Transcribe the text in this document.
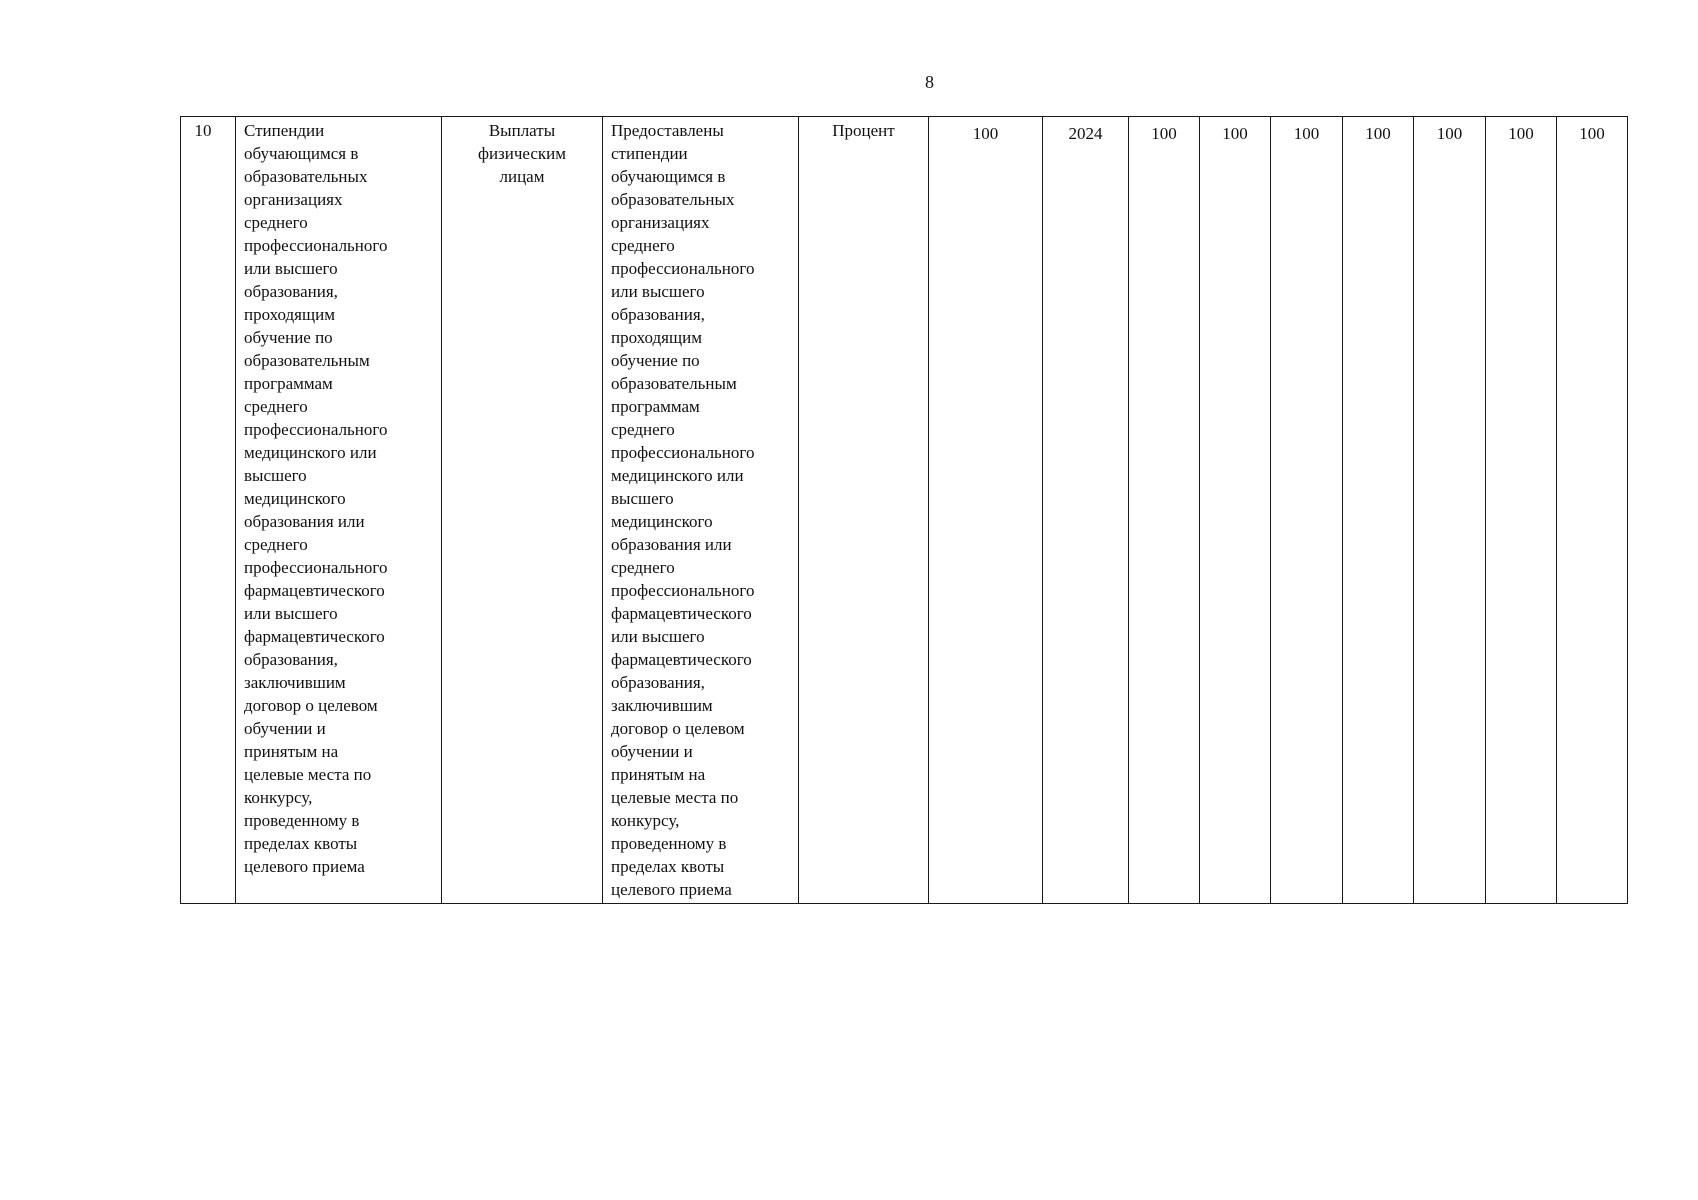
8
10	Стипендии
обучающимся в
образовательных
организациях
среднего
профессионального
или высшего
образования,
проходящим
обучение по
образовательным
программам
среднего
профессионального
медицинского или
высшего
медицинского
образования или
среднего
профессионального
фармацевтического
или высшего
фармацевтического
образования,
заключившим
договор о целевом
обучении и
принятым на
целевые места по
конкурсу,
проведенному в
пределах квоты
целевого приема	Выплаты
физическим
лицам	Предоставлены
стипендии
обучающимся в
образовательных
организациях
среднего
профессионального
или высшего
образования,
проходящим
обучение по
образовательным
программам
среднего
профессионального
медицинского или
высшего
медицинского
образования или
среднего
профессионального
фармацевтического
или высшего
фармацевтического
образования,
заключившим
договор о целевом
обучении и
принятым на
целевые места по
конкурсу,
проведенному в
пределах квоты
целевого приема	Процент	100	2024	100	100	100	100	100	100	100
